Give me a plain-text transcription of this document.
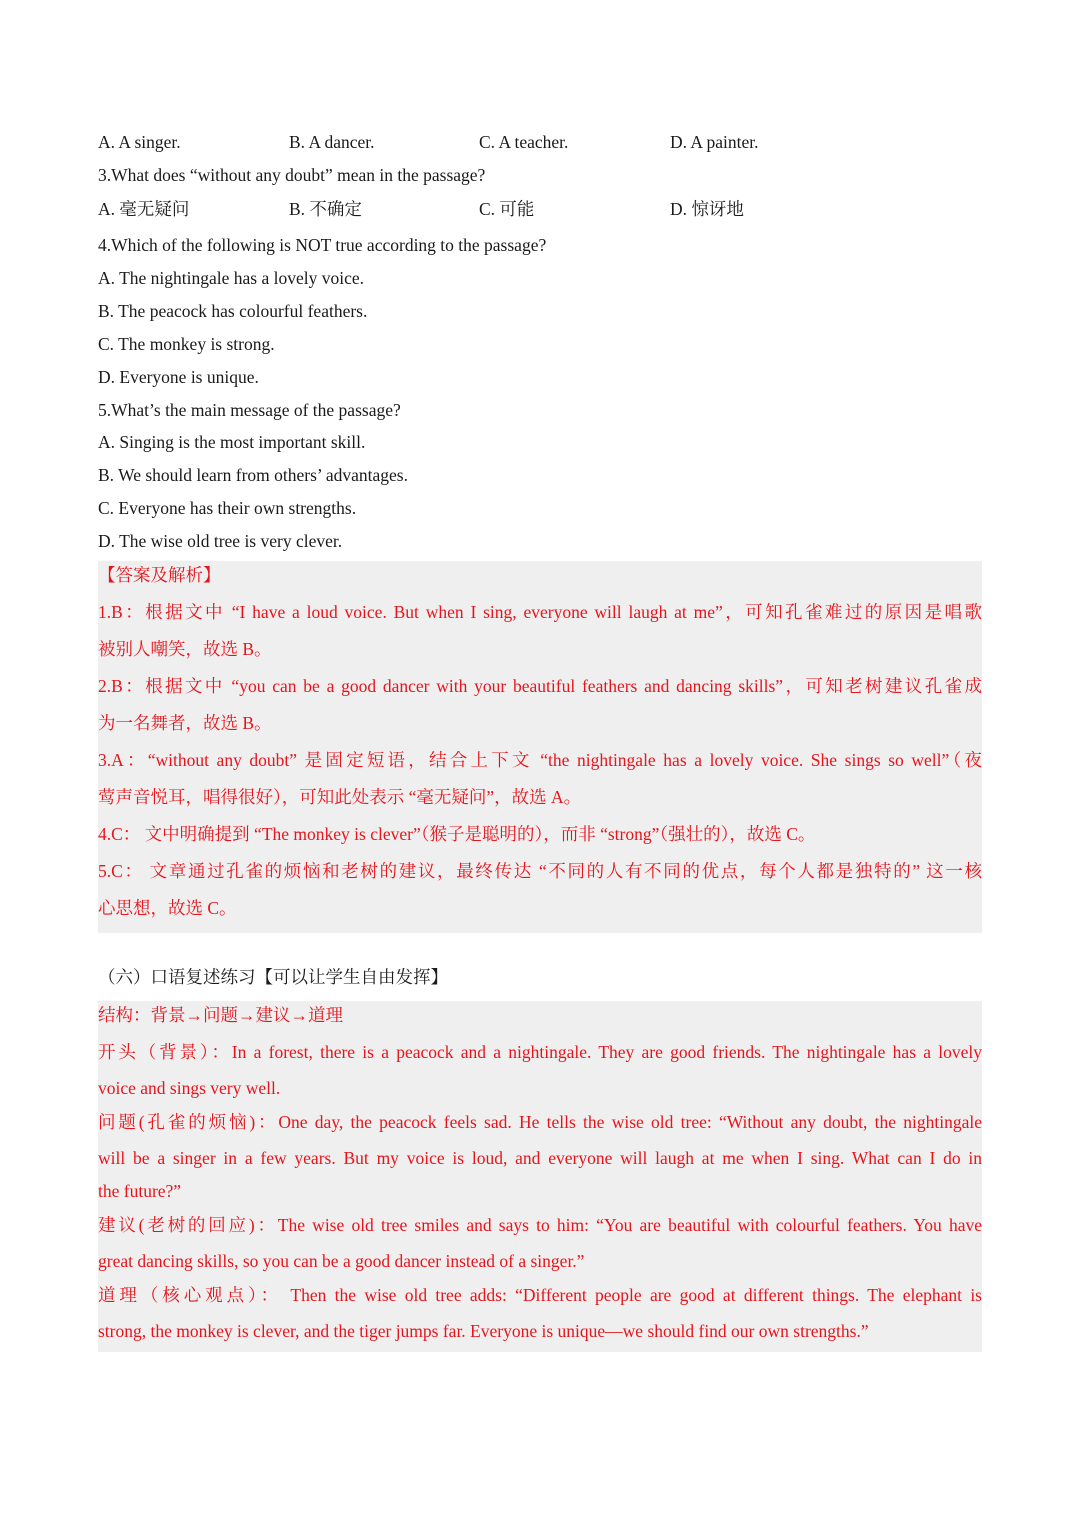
A. A singer.	B. A dancer.	C. A teacher.	D. A painter.
3.What does “without any doubt” mean in the passage?
A. 毫无疑问	B. 不确定	C. 可能	D. 惊讶地
4.Which of the following is NOT true according to the passage?
A. The nightingale has a lovely voice.
B. The peacock has colourful feathers.
C. The monkey is strong.
D. Everyone is unique.
5.What’s the main message of the passage?
A. Singing is the most important skill.
B. We should learn from others’ advantages.
C. Everyone has their own strengths.
D. The wise old tree is very clever.
【答案及解析】
1.B：根据文中 “I have a loud voice. But when I sing, everyone will laugh at me”，可知孔雀难过的原因是唱歌
被别人嘲笑，故选 B。
2.B：根据文中 “you can be a good dancer with your beautiful feathers and dancing skills”，可知老树建议孔雀成
为一名舞者，故选 B。
3.A：“without any doubt” 是固定短语，结合上下文 “the nightingale has a lovely voice. She sings so well”（夜
莺声音悦耳，唱得很好），可知此处表示 “毫无疑问”，故选 A。
4.C： 文中明确提到 “The monkey is clever”（猴子是聪明的），而非 “strong”（强壮的），故选 C。
5.C： 文章通过孔雀的烦恼和老树的建议，最终传达 “不同的人有不同的优点，每个人都是独特的” 这一核
心思想，故选 C。
（六）口语复述练习【可以让学生自由发挥】
结构：背景→问题→建议→道理
开头（背景）：In a forest, there is a peacock and a nightingale. They are good friends. The nightingale has a lovely
voice and sings very well.
问题(孔雀的烦恼)：One day, the peacock feels sad. He tells the wise old tree: “Without any doubt, the nightingale
will be a singer in a few years. But my voice is loud, and everyone will laugh at me when I sing. What can I do in
the future?”
建议(老树的回应)：The wise old tree smiles and says to him: “You are beautiful with colourful feathers. You have
great dancing skills, so you can be a good dancer instead of a singer.”
道理（核心观点）： Then the wise old tree adds: “Different people are good at different things. The elephant is
strong, the monkey is clever, and the tiger jumps far. Everyone is unique—we should find our own strengths.”
